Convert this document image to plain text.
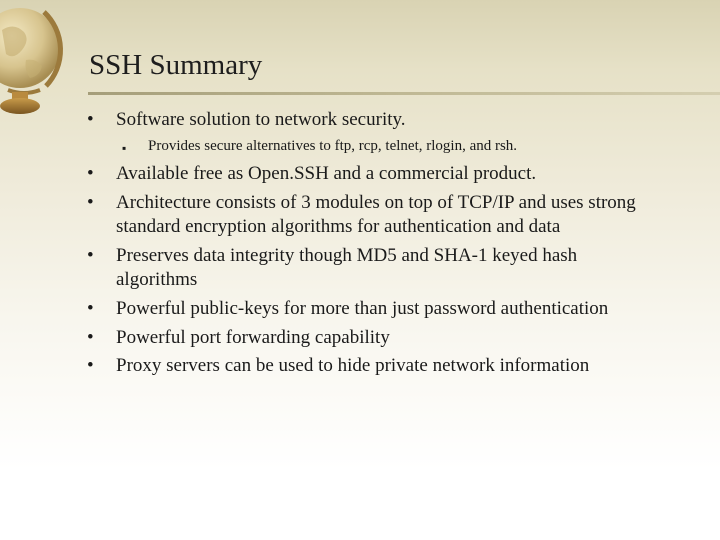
SSH Summary
• Software solution to network security.
▪ Provides secure alternatives to ftp, rcp, telnet, rlogin, and rsh.
• Available free as Open.SSH and a commercial product.
• Architecture consists of 3 modules on top of TCP/IP and uses strong standard encryption algorithms for authentication and data
• Preserves data integrity though MD5 and SHA-1 keyed hash algorithms
• Powerful public-keys for more than just password authentication
• Powerful port forwarding capability
• Proxy servers can be used to hide private network information
